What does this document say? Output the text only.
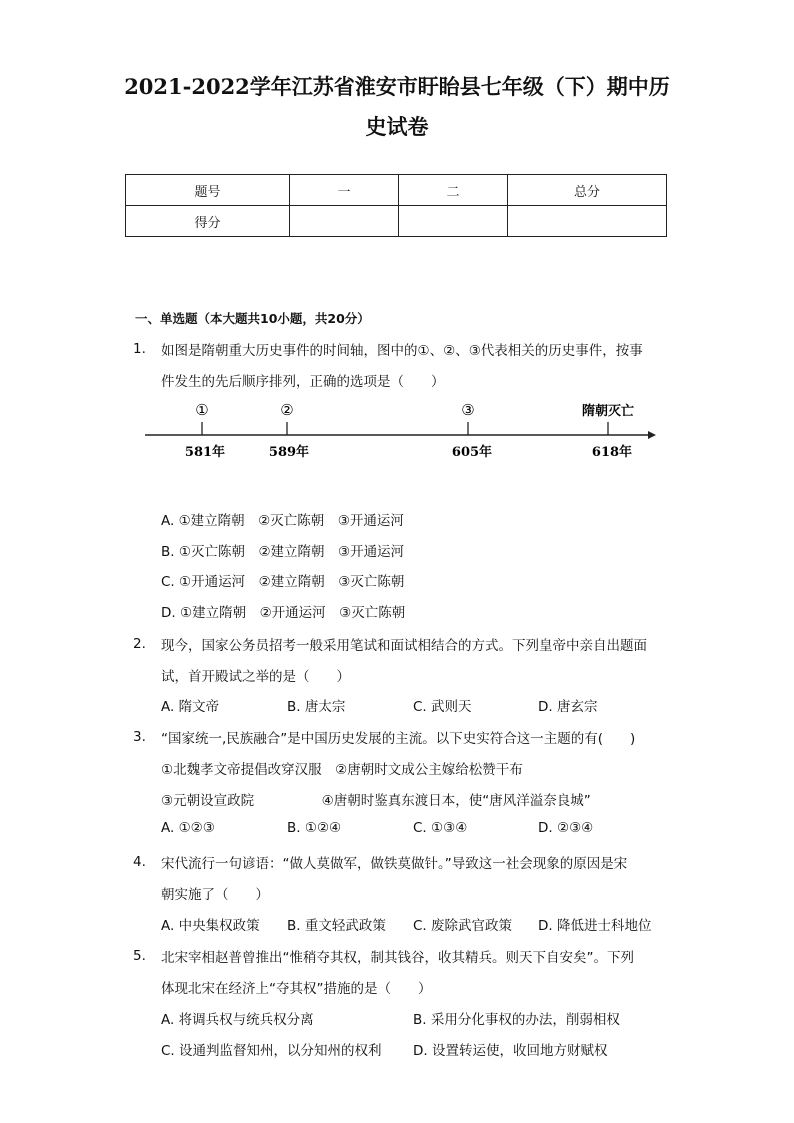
2021-2022学年江苏省淮安市盱眙县七年级（下）期中历
史试卷
题号	一	二	总分
得分			
一、单选题（本大题共10小题，共20分）
1. 如图是隋朝重大历史事件的时间轴，图中的①、②、③代表相关的历史事件，按事
件发生的先后顺序排列，正确的选项是（　　）
①	②	③	隋朝灭亡
581年	589年	605年	618年
A. ①建立隋朝　②灭亡陈朝　③开通运河
B. ①灭亡陈朝　②建立隋朝　③开通运河
C. ①开通运河　②建立隋朝　③灭亡陈朝
D. ①建立隋朝　②开通运河　③灭亡陈朝
2. 现今，国家公务员招考一般采用笔试和面试相结合的方式。下列皇帝中亲自出题面
试，首开殿试之举的是（　　）
A. 隋文帝	B. 唐太宗	C. 武则天	D. 唐玄宗
3. “国家统一,民族融合”是中国历史发展的主流。以下史实符合这一主题的有(　　)
①北魏孝文帝提倡改穿汉服　②唐朝时文成公主嫁给松赞干布
③元朝设宣政院　　　　　④唐朝时鉴真东渡日本，使“唐风洋溢奈良城”
A. ①②③	B. ①②④	C. ①③④	D. ②③④
4. 宋代流行一句谚语：“做人莫做军，做铁莫做针。”导致这一社会现象的原因是宋
朝实施了（　　）
A. 中央集权政策 B. 重文轻武政策 C. 废除武官政策 D. 降低进士科地位
5. 北宋宰相赵普曾推出“惟稍夺其权，制其钱谷，收其精兵。则天下自安矣”。下列
体现北宋在经济上“夺其权”措施的是（　　）
A. 将调兵权与统兵权分离	B. 采用分化事权的办法，削弱相权
C. 设通判监督知州，以分知州的权利 D. 设置转运使，收回地方财赋权
